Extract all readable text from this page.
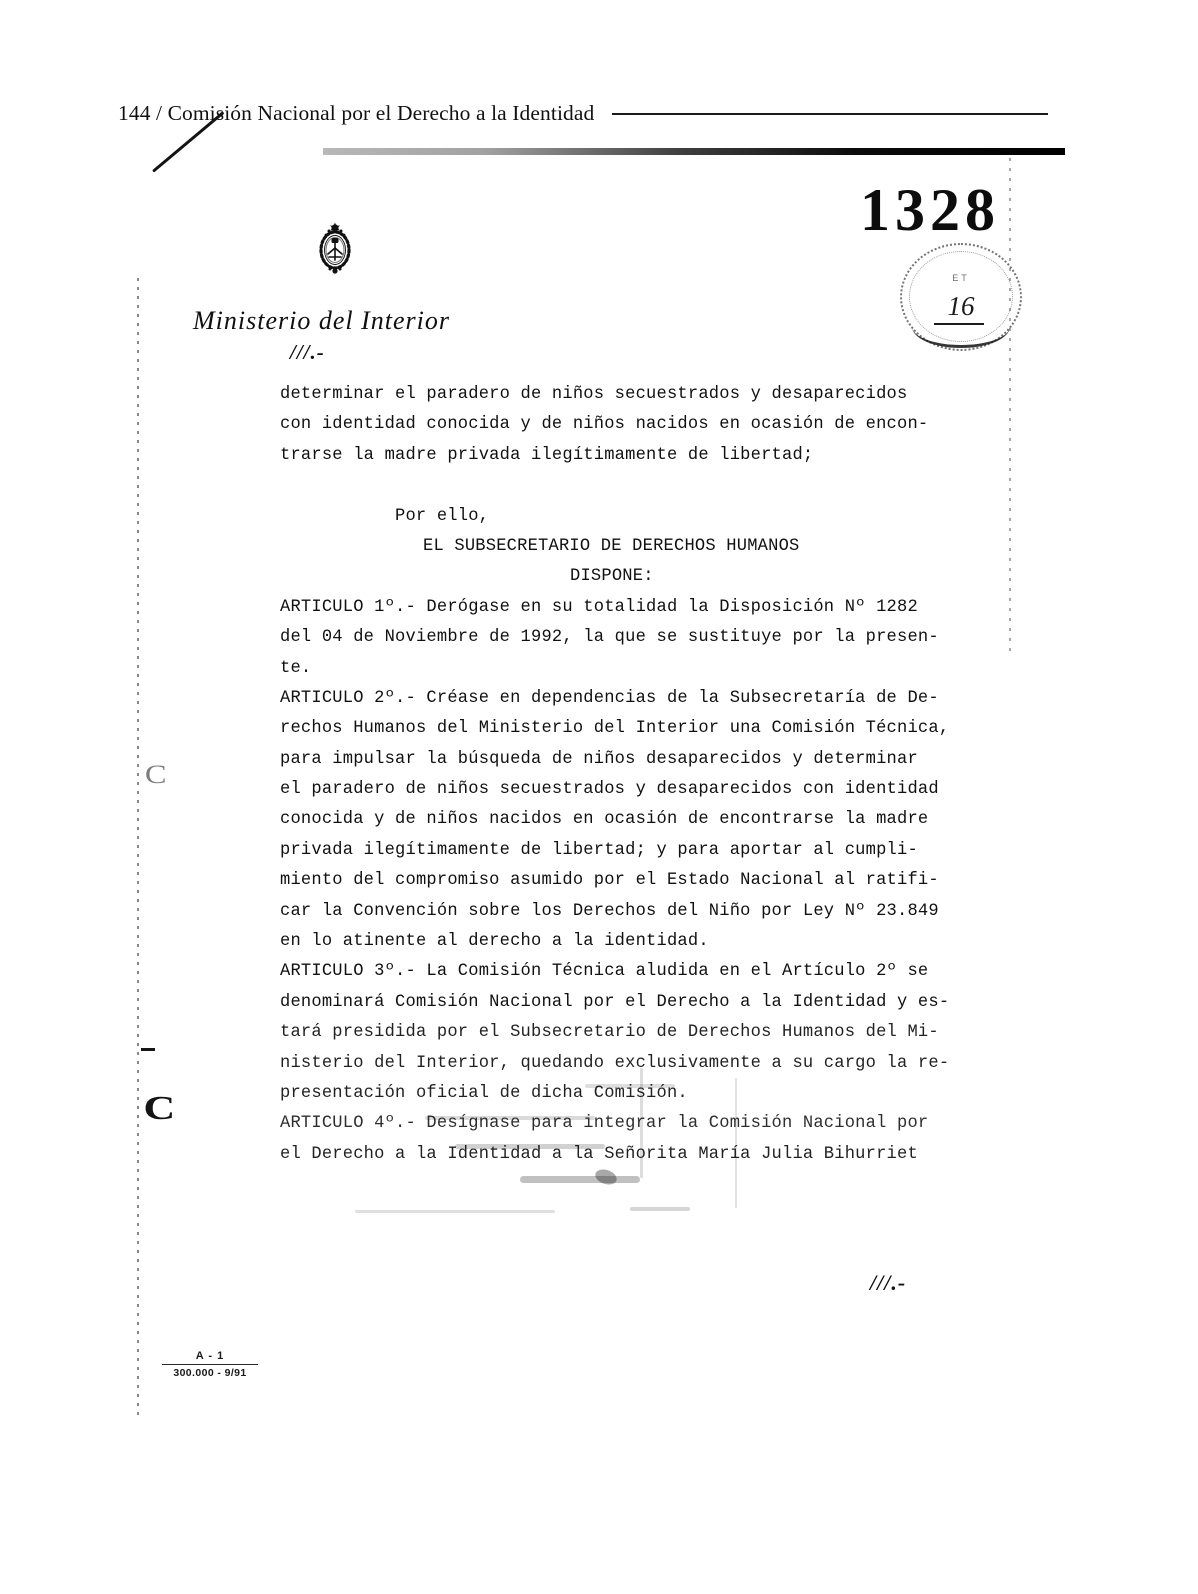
144 / Comisión Nacional por el Derecho a la Identidad
1328
ET
16
Ministerio del Interior
///.-
determinar el paradero de niños secuestrados y desaparecidos
con identidad conocida y de niños nacidos en ocasión de encon-
trarse la madre privada ilegítimamente de libertad;
Por ello,
EL SUBSECRETARIO DE DERECHOS HUMANOS
DISPONE:
ARTICULO 1º.- Derógase en su totalidad la Disposición Nº 1282
del 04 de Noviembre de 1992, la que se sustituye por la presen-
te.
ARTICULO 2º.- Créase en dependencias de la Subsecretaría de De-
rechos Humanos del Ministerio del Interior una Comisión Técnica,
para impulsar la búsqueda de niños desaparecidos y determinar
el paradero de niños secuestrados y desaparecidos con identidad
conocida y de niños nacidos en ocasión de encontrarse la madre
privada ilegítimamente de libertad; y para aportar al cumpli-
miento del compromiso asumido por el Estado Nacional al ratifi-
car la Convención sobre los Derechos del Niño por Ley Nº 23.849
en lo atinente al derecho a la identidad.
ARTICULO 3º.- La Comisión Técnica aludida en el Artículo 2º se
denominará Comisión Nacional por el Derecho a la Identidad y es-
tará presidida por el Subsecretario de Derechos Humanos del Mi-
nisterio del Interior, quedando exclusivamente a su cargo la re-
presentación oficial de dicha Comisión.
ARTICULO 4º.- Desígnase para integrar la Comisión Nacional por
el Derecho a la Identidad a la Señorita María Julia Bihurriet
C
C
///.-
A - 1
300.000 - 9/91
